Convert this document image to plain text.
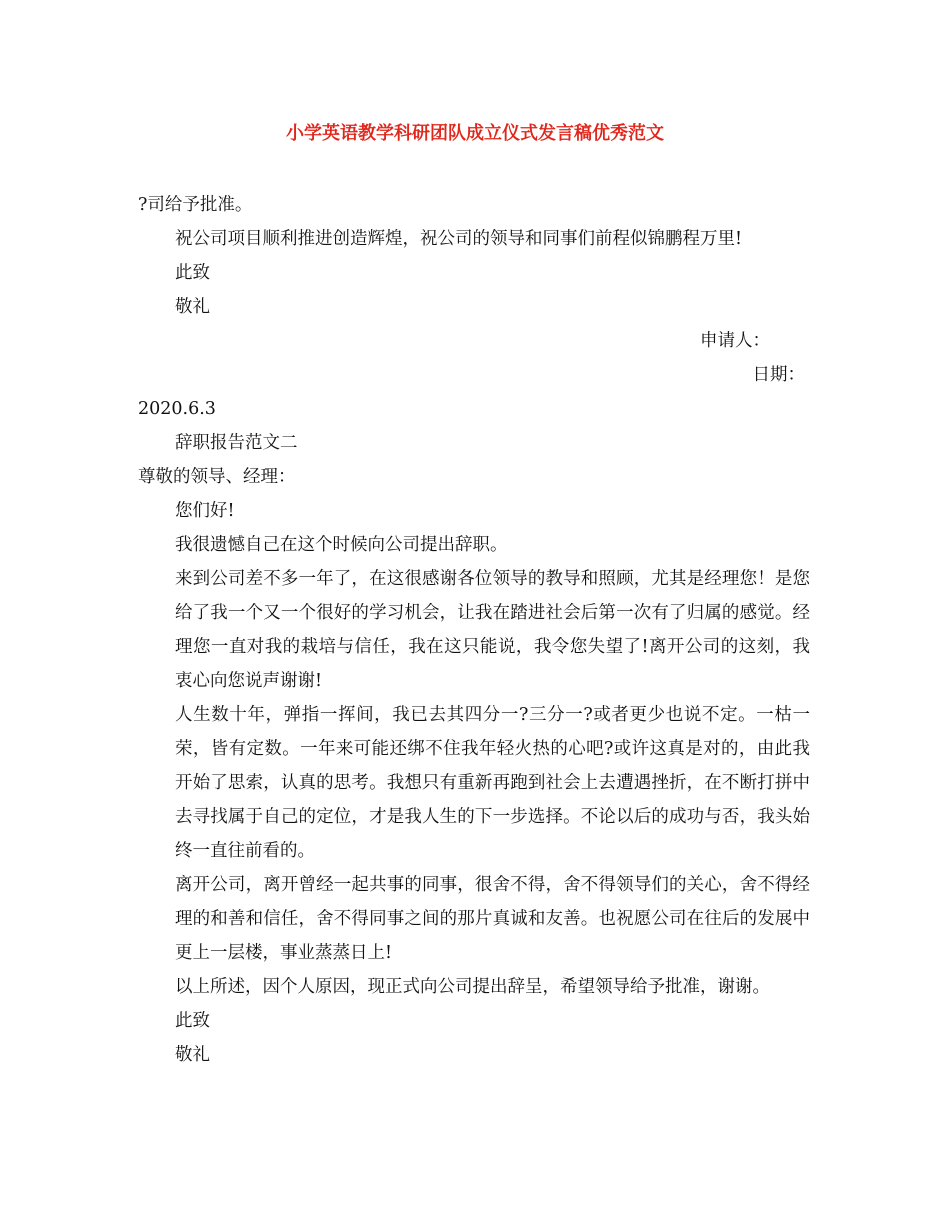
小学英语教学科研团队成立仪式发言稿优秀范文
?司给予批准。
祝公司项目顺利推进创造辉煌，祝公司的领导和同事们前程似锦鹏程万里!
此致
敬礼
申请人：
日期：
2020.6.3
辞职报告范文二
尊敬的领导、经理：
您们好!
我很遗憾自己在这个时候向公司提出辞职。
来到公司差不多一年了，在这很感谢各位领导的教导和照顾，尤其是经理您！是您给了我一个又一个很好的学习机会，让我在踏进社会后第一次有了归属的感觉。经理您一直对我的栽培与信任，我在这只能说，我令您失望了!离开公司的这刻，我衷心向您说声谢谢!
人生数十年，弹指一挥间，我已去其四分一?三分一?或者更少也说不定。一枯一荣，皆有定数。一年来可能还绑不住我年轻火热的心吧?或许这真是对的，由此我开始了思索，认真的思考。我想只有重新再跑到社会上去遭遇挫折，在不断打拼中去寻找属于自己的定位，才是我人生的下一步选择。不论以后的成功与否，我头始终一直往前看的。
离开公司，离开曾经一起共事的同事，很舍不得，舍不得领导们的关心，舍不得经理的和善和信任，舍不得同事之间的那片真诚和友善。也祝愿公司在往后的发展中更上一层楼，事业蒸蒸日上!
以上所述，因个人原因，现正式向公司提出辞呈，希望领导给予批准，谢谢。
此致
敬礼
